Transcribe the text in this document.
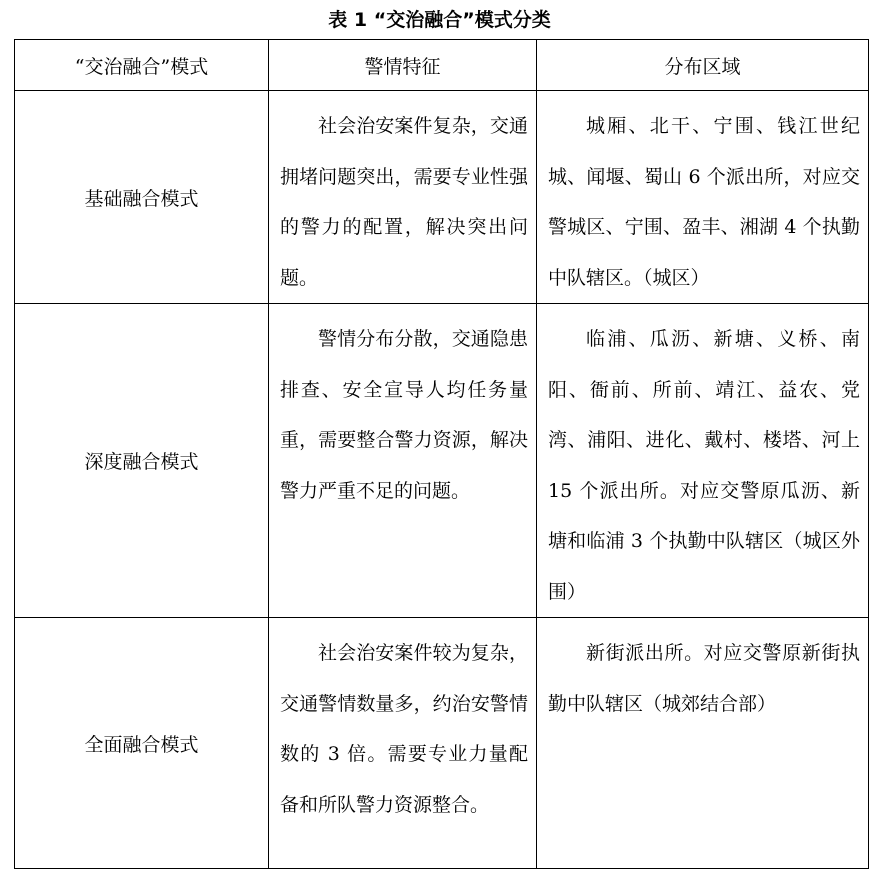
表 1 “交治融合”模式分类
“交治融合”模式	警情特征	分布区域
基础融合模式	社会治安案件复杂，交通拥堵问题突出，需要专业性强的警力的配置，解决突出问题。	城厢、北干、宁围、钱江世纪城、闻堰、蜀山 6 个派出所，对应交警城区、宁围、盈丰、湘湖 4 个执勤中队辖区。（城区）

深度融合模式	警情分布分散，交通隐患排查、安全宣导人均任务量重，需要整合警力资源，解决警力严重不足的问题。	临浦、瓜沥、新塘、义桥、南阳、衙前、所前、靖江、益农、党湾、浦阳、进化、戴村、楼塔、河上 15 个派出所。对应交警原瓜沥、新塘和临浦 3 个执勤中队辖区（城区外围）

全面融合模式	社会治安案件较为复杂，交通警情数量多，约治安警情数的 3 倍。需要专业力量配备和所队警力资源整合。	新街派出所。对应交警原新街执勤中队辖区（城郊结合部）
